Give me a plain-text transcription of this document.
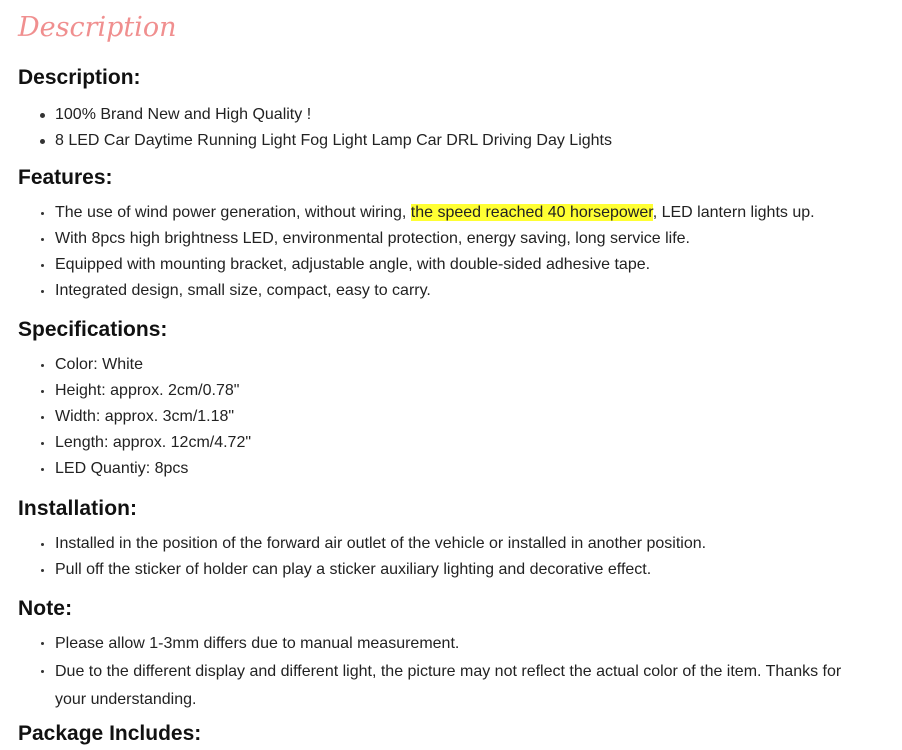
Description
Description:
100% Brand New and High Quality !
8 LED Car Daytime Running Light Fog Light Lamp Car DRL Driving Day Lights
Features:
The use of wind power generation, without wiring, the speed reached 40 horsepower, LED lantern lights up.
With 8pcs high brightness LED, environmental protection, energy saving, long service life.
Equipped with mounting bracket, adjustable angle, with double-sided adhesive tape.
Integrated design, small size, compact, easy to carry.
Specifications:
Color: White
Height: approx. 2cm/0.78"
Width: approx. 3cm/1.18"
Length: approx. 12cm/4.72"
LED Quantiy: 8pcs
Installation:
Installed in the position of the forward air outlet of the vehicle or installed in another position.
Pull off the sticker of holder can play a sticker auxiliary lighting and decorative effect.
Note:
Please allow 1-3mm differs due to manual measurement.
Due to the different display and different light, the picture may not reflect the actual color of the item. Thanks for your understanding.
Package Includes:
